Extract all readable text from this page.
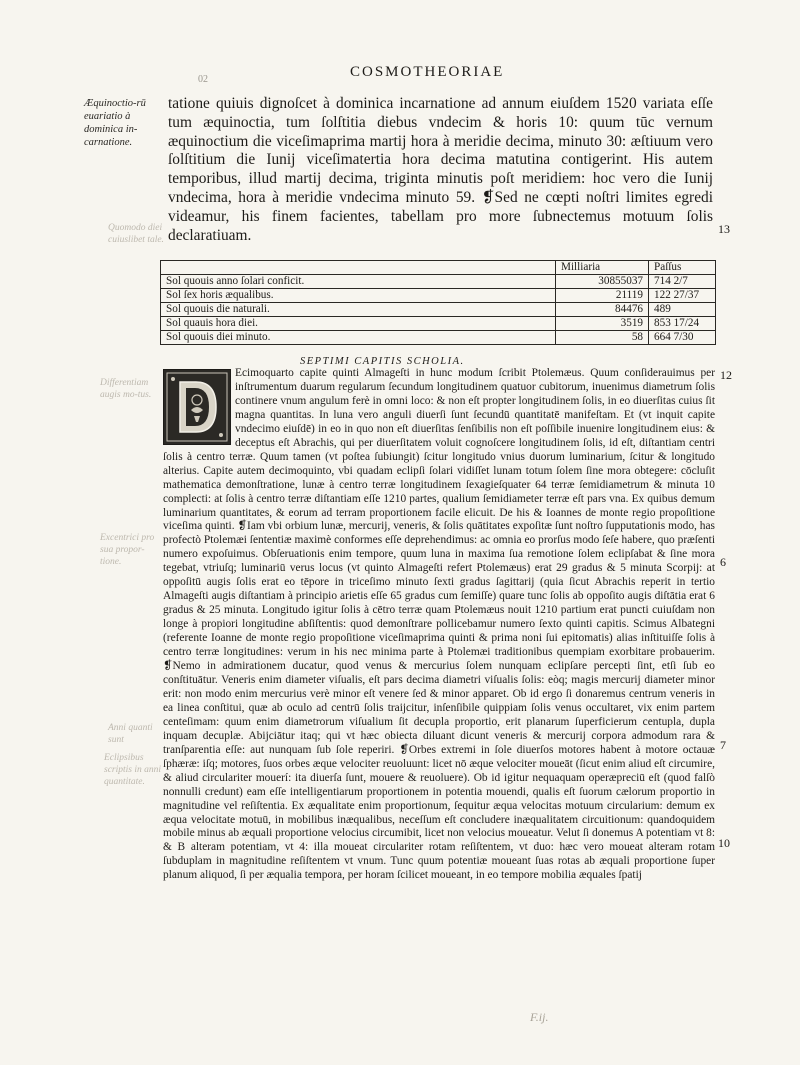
02	COSMOTHEORIAE
Æquinoctio-rū euariatio à dominica in-carnatione.
Quomodo diei cuiuslibet tale.
Differentiam augis mo-tus.
Excentrici pro sua propor-tione.
Anni quanti sunt
Eclipsibus scriptis in anni quantitate.

tatione quiuis dignoſcet à dominica incarnatione ad annum eiuſdem 1520 variata eſſe tum æquinoctia, tum ſolſtitia diebus vndecim & horis 10: quum tūc vernum æquinoctium die viceſimaprima martij hora à meridie decima, minuto 30: æſtiuum vero ſolſtitium die Iunij viceſimatertia hora decima matutina contigerint. His autem temporibus, illud martij decima, triginta minutis poſt meridiem: hoc vero die Iunij vndecima, hora à meridie vndecima minuto 59. ❡Sed ne cœpti noſtri limites egredi videamur, his finem facientes, tabellam pro more ſubnectemus motuum ſolis declaratiuam.	13
12
6
7
10
	Milliaria	Paſſus
Sol quouis anno ſolari conficit.	30855037	714 2/7
Sol ſex horis æqualibus.	21119	122 27/37
Sol quouis die naturali.	84476	489
Sol quauis hora diei.	3519	853 17/24
Sol quouis diei minuto.	58	664 7/30
SEPTIMI CAPITIS SCHOLIA.

Ecimoquarto capite quinti Almageſti in hunc modum ſcribit Ptolemæus. Quum conſiderauimus per inſtrumentum duarum regularum ſecundum longitudinem quatuor cubitorum, inuenimus diametrum ſolis continere vnum angulum ferè in omni loco: & non eſt propter longitudinem ſolis, in eo diuerſitas cuius ſit magna quantitas. In luna vero anguli diuerſi ſunt ſecundū quantitatē manifeſtam. Et (vt inquit capite vndecimo eiuſdē) in eo in quo non eſt diuerſitas ſenſibilis non eſt poſſibile inuenire longitudinem eius: & deceptus eſt Abrachis, qui per diuerſitatem voluit cognoſcere longitudinem ſolis, id eſt, diſtantiam centri ſolis à centro terræ. Quum tamen (vt poſtea ſubiungit) ſcitur longitudo vnius duorum luminarium, ſcitur & longitudo alterius. Capite autem decimoquinto, vbi quadam eclipſi ſolari vidiſſet lunam totum ſolem ſine mora obtegere: cōcluſit mathematica demonſtratione, lunæ à centro terræ longitudinem ſexagieſquater 64 terræ ſemidiametrum & minuta 10 complecti: at ſolis à centro terræ diſtantiam eſſe 1210 partes, qualium ſemidiameter terræ eſt pars vna. Ex quibus demum luminarium quantitates, & eorum ad terram proportionem facile elicuit. De his & Ioannes de monte regio propoſitione viceſima quinti. ❡Iam vbi orbium lunæ, mercurij, veneris, & ſolis quātitates expoſitæ ſunt noſtro ſupputationis modo, has profectò Ptolemæi ſententiæ maximè conformes eſſe deprehendimus: ac omnia eo prorſus modo ſeſe habere, quo præſenti numero expoſuimus. Obſeruationis enim tempore, quum luna in maxima ſua remotione ſolem eclipſabat & ſine mora tegebat, vtriuſq; luminariū verus locus (vt quinto Almageſti refert Ptolemæus) erat 29 gradus & 5 minuta Scorpij: at oppoſitū augis ſolis erat eo tēpore in triceſimo minuto ſexti gradus ſagittarij (quia ſicut Abrachis reperit in tertio Almageſti augis diſtantiam à principio arietis eſſe 65 gradus cum ſemiſſe) quare tunc ſolis ab oppoſito augis diſtātia erat 6 gradus & 25 minuta. Longitudo igitur ſolis à cētro terræ quam Ptolemæus nouit 1210 partium erat puncti cuiuſdam non longe à propiori longitudine abſiſtentis: quod demonſtrare pollicebamur numero ſexto quinti capitis. Scimus Albategni (referente Ioanne de monte regio propoſitione viceſimaprima quinti & prima noni ſui epitomatis) alias inſtituiſſe ſolis à centro terræ longitudines: verum in his nec minima parte à Ptolemæi traditionibus quempiam exorbitare probauerim. ❡Nemo in admirationem ducatur, quod venus & mercurius ſolem nunquam eclipſare percepti ſint, etſi ſub eo conſtituātur. Veneris enim diameter viſualis, eſt pars decima diametri viſualis ſolis: eòq; magis mercurij diameter minor erit: non modo enim mercurius verè minor eſt venere ſed & minor apparet. Ob id ergo ſi donaremus centrum veneris in ea linea conſtitui, quæ ab oculo ad centrū ſolis traijcitur, inſenſibile quippiam ſolis venus occultaret, vix enim partem centeſimam: quum enim diametrorum viſualium ſit decupla proportio, erit planarum ſuperficierum centupla, dupla inquam decuplæ. Abijciātur itaq; qui vt hæc obiecta diluant dicunt veneris & mercurij corpora admodum rara & tranſparentia eſſe: aut nunquam ſub ſole reperiri. ❡Orbes extremi in ſole diuerſos motores habent à motore octauæ ſphæræ: iſq; motores, ſuos orbes æque velociter reuoluunt: licet nō æque velociter moueāt (ſicut enim aliud eſt circumire, & aliud circulariter mouerí: ita diuerſa ſunt, mouere & reuoluere). Ob id igitur nequaquam operæpreciū eſt (quod falſò nonnulli credunt) eam eſſe intelligentiarum proportionem in potentia mouendi, qualis eſt ſuorum cælorum proportio in magnitudine vel reſiſtentia. Ex æqualitate enim proportionum, ſequitur æqua velocitas motuum circularium: demum ex æqua velocitate motuū, in mobilibus inæqualibus, neceſſum eſt concludere inæqualitatem circuitionum: quandoquidem mobile minus ab æquali proportione velocius circumibit, licet non velocius moueatur. Velut ſi donemus A potentiam vt 8: & B alteram potentiam, vt 4: illa moueat circulariter rotam reſiſtentem, vt duo: hæc vero moueat alteram rotam ſubduplam in magnitudine reſiſtentem vt vnum. Tunc quum potentiæ moueant ſuas rotas ab æquali proportione ſuper planum aliquod, ſi per æqualia tempora, per horam ſcilicet moueant, in eo tempore mobilia æquales ſpatij

F.ij.
